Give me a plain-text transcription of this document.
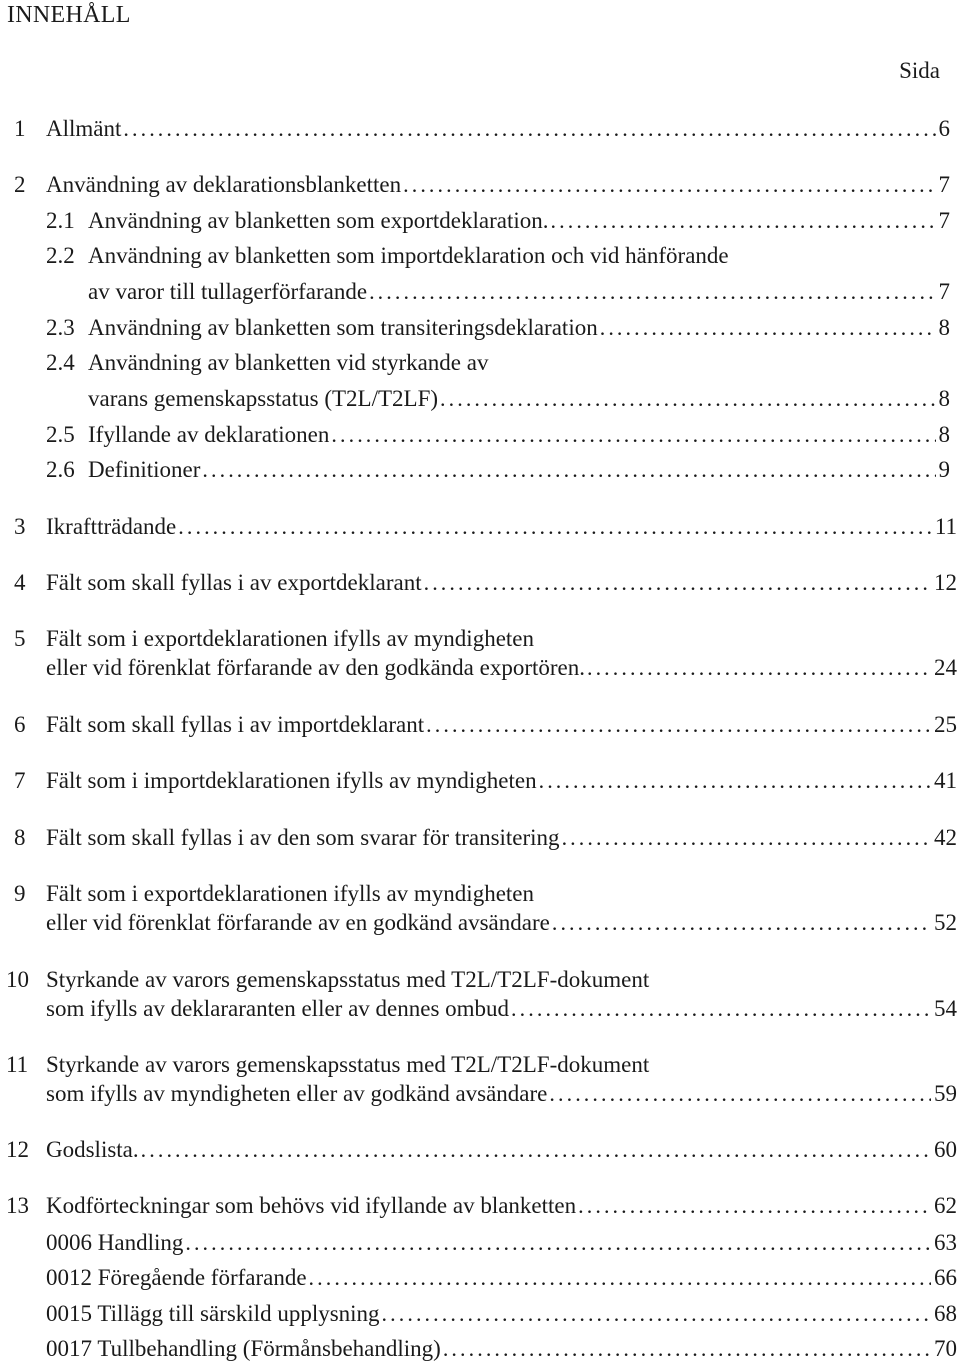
INNEHÅLL
Sida
1 Allmänt . . .	6
2 Användning av deklarationsblanketten . . .	7
2.1 Användning av blanketten som exportdeklaration. . . .	7
2.2 Användning av blanketten som importdeklaration och vid hänförande
av varor till tullagerförfarande . . .	7
2.3 Användning av blanketten som transiteringsdeklaration . . .	8
2.4 Användning av blanketten vid styrkande av
varans gemenskapsstatus (T2L/T2LF) . . .	8
2.5 Ifyllande av deklarationen . . .	8
2.6 Definitioner . . .	9
3 Ikraftträdande . . .	11
4 Fält som skall fyllas i av exportdeklarant . . .	12
5 Fält som i exportdeklarationen ifylls av myndigheten
eller vid förenklat förfarande av den godkända exportören. . . .	24
6 Fält som skall fyllas i av importdeklarant . . .	25
7 Fält som i importdeklarationen ifylls av myndigheten . . .	41
8 Fält som skall fyllas i av den som svarar för transitering . . .	42
9 Fält som i exportdeklarationen ifylls av myndigheten
eller vid förenklat förfarande av en godkänd avsändare . . .	52
10 Styrkande av varors gemenskapsstatus med T2L/T2LF-dokument
som ifylls av deklararanten eller av dennes ombud . . .	54
11 Styrkande av varors gemenskapsstatus med T2L/T2LF-dokument
som ifylls av myndigheten eller av godkänd avsändare . . .	59
12 Godslista. . . .	60
13 Kodförteckningar som behövs vid ifyllande av blanketten . . .	62
0006 Handling . . .	63
0012 Föregående förfarande . . .	66
0015 Tillägg till särskild upplysning . . .	68
0017 Tullbehandling (Förmånsbehandling) . . .	70
